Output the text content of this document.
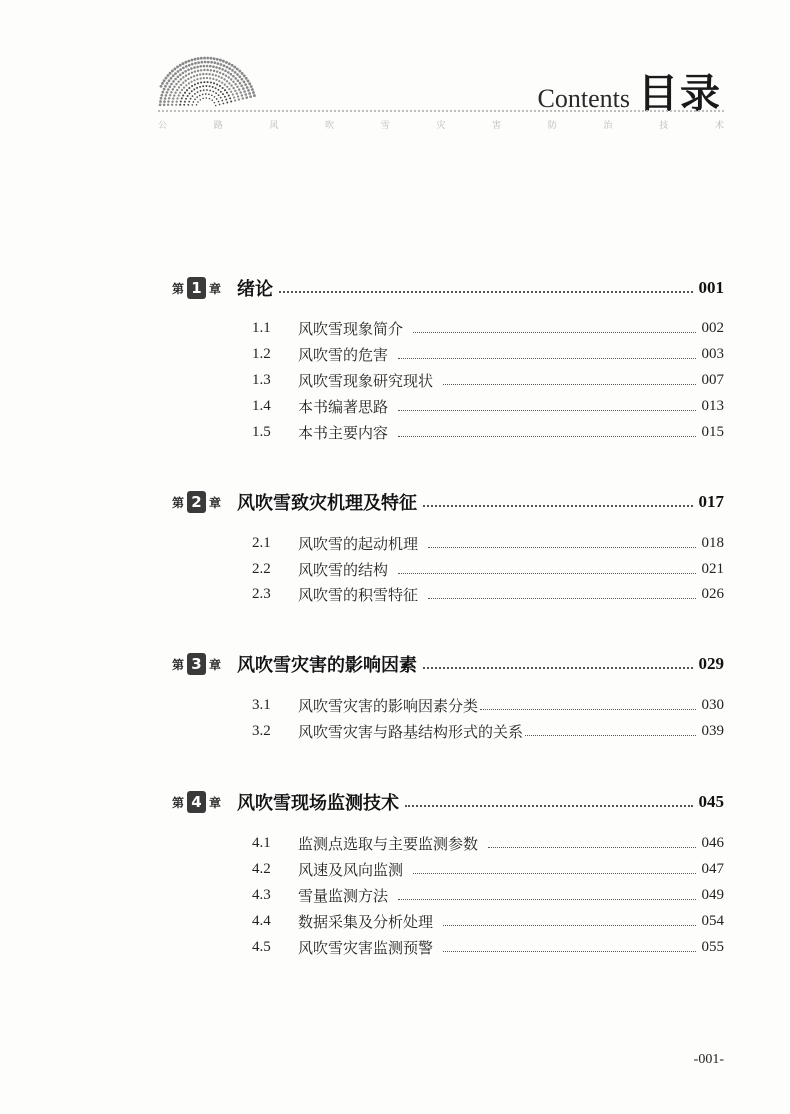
Contents 目录
公	路	风	吹	雪	灾	害	防	治	技	术
第 1 章 绪论	001
1.1	风吹雪现象简介	002
1.2	风吹雪的危害	003
1.3	风吹雪现象研究现状	007
1.4	本书编著思路	013
1.5	本书主要内容	015
第 2 章 风吹雪致灾机理及特征	017
2.1	风吹雪的起动机理	018
2.2	风吹雪的结构	021
2.3	风吹雪的积雪特征	026
第 3 章 风吹雪灾害的影响因素	029
3.1	风吹雪灾害的影响因素分类	030
3.2	风吹雪灾害与路基结构形式的关系	039
第 4 章 风吹雪现场监测技术	045
4.1	监测点选取与主要监测参数	046
4.2	风速及风向监测	047
4.3	雪量监测方法	049
4.4	数据采集及分析处理	054
4.5	风吹雪灾害监测预警	055
-001-
